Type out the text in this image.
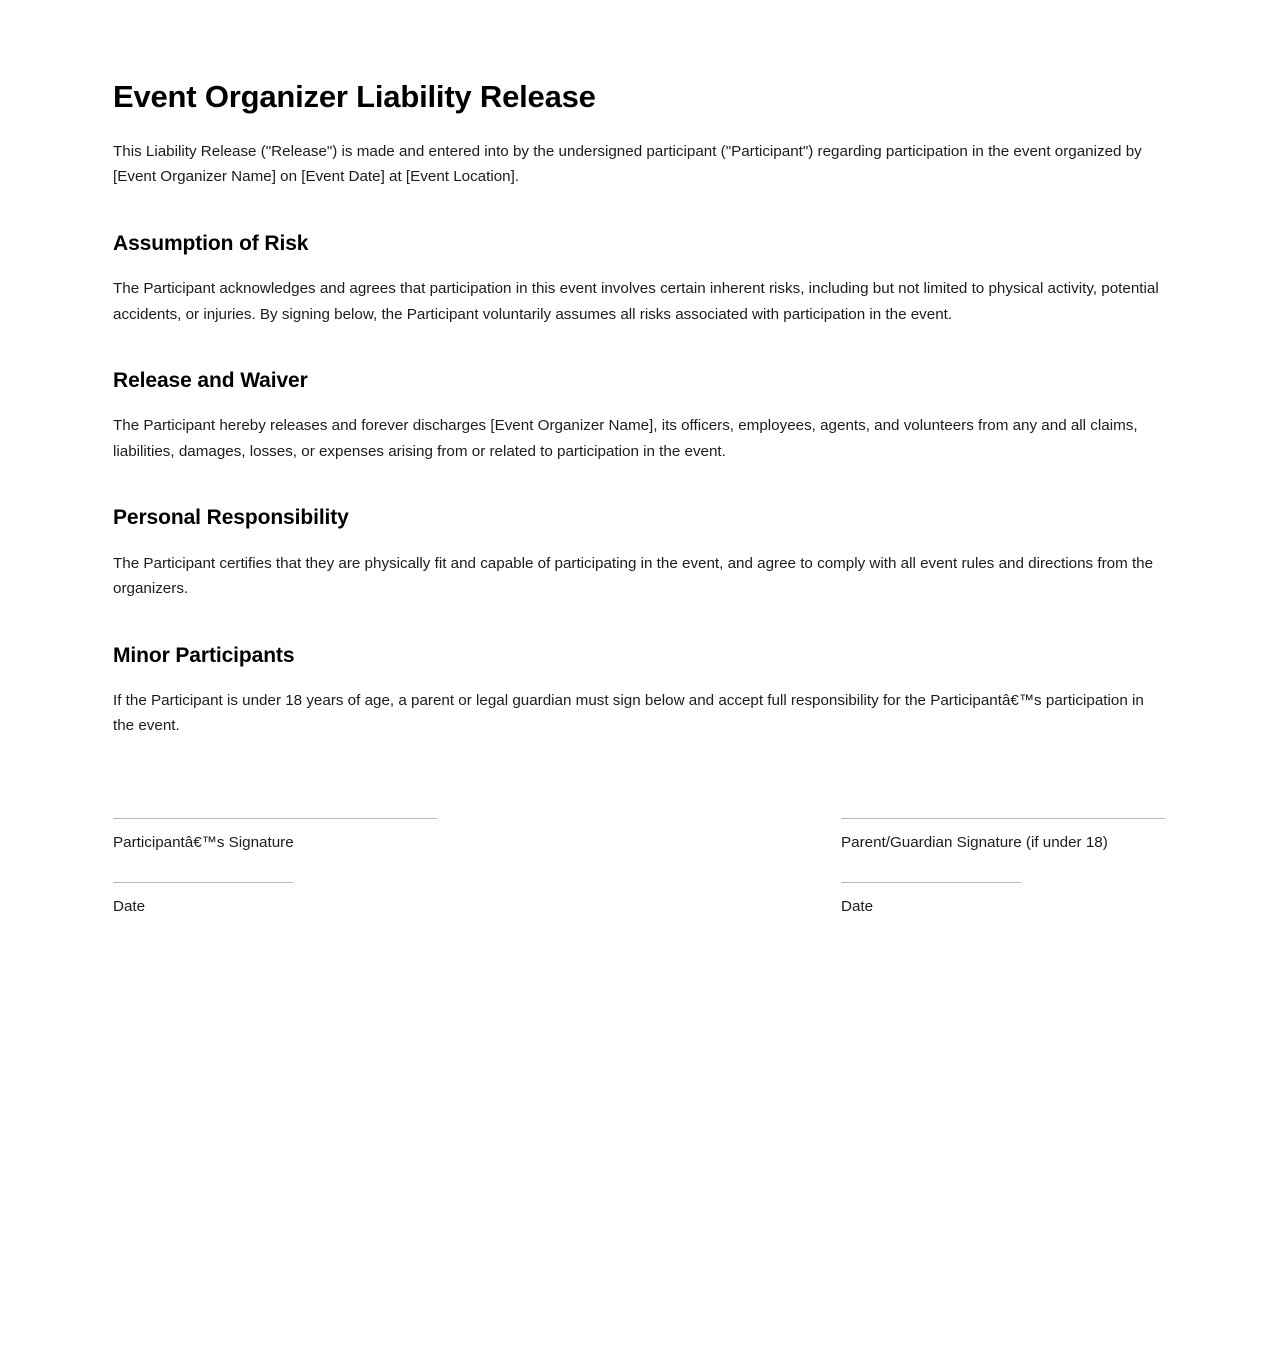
Event Organizer Liability Release

This Liability Release ("Release") is made and entered into by the undersigned participant ("Participant") regarding participation in the event organized by [Event Organizer Name] on [Event Date] at [Event Location].

Assumption of Risk

The Participant acknowledges and agrees that participation in this event involves certain inherent risks, including but not limited to physical activity, potential accidents, or injuries. By signing below, the Participant voluntarily assumes all risks associated with participation in the event.

Release and Waiver

The Participant hereby releases and forever discharges [Event Organizer Name], its officers, employees, agents, and volunteers from any and all claims, liabilities, damages, losses, or expenses arising from or related to participation in the event.

Personal Responsibility

The Participant certifies that they are physically fit and capable of participating in the event, and agree to comply with all event rules and directions from the organizers.

Minor Participants

If the Participant is under 18 years of age, a parent or legal guardian must sign below and accept full responsibility for the Participantâ€™s participation in the event.

Participantâ€™s Signature
Date
Parent/Guardian Signature (if under 18)
Date
